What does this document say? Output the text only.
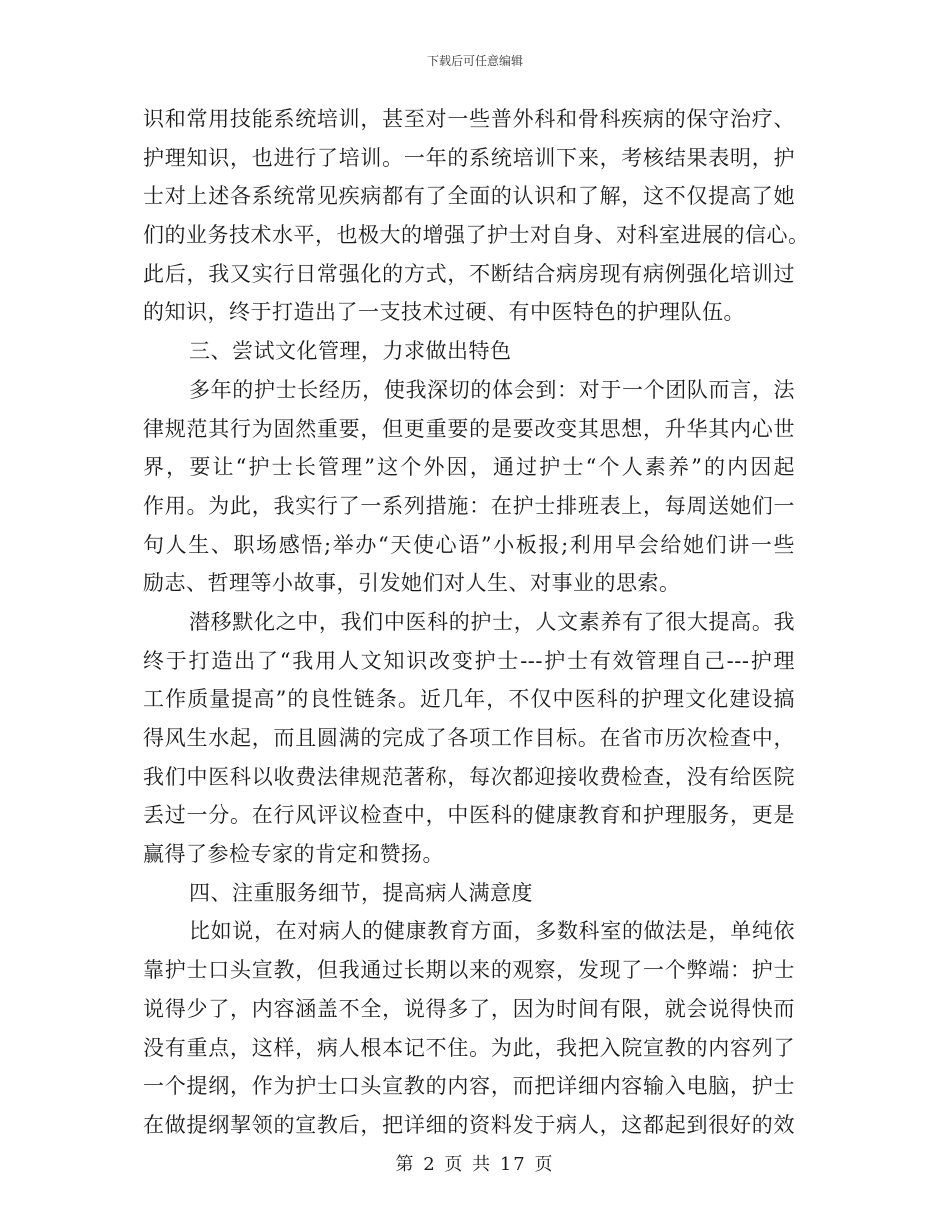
下载后可任意编辑
识和常用技能系统培训，甚至对一些普外科和骨科疾病的保守治疗、
护理知识，也进行了培训。一年的系统培训下来，考核结果表明，护
士对上述各系统常见疾病都有了全面的认识和了解，这不仅提高了她
们的业务技术水平，也极大的增强了护士对自身、对科室进展的信心。
此后，我又实行日常强化的方式，不断结合病房现有病例强化培训过
的知识，终于打造出了一支技术过硬、有中医特色的护理队伍。
三、尝试文化管理，力求做出特色
多年的护士长经历，使我深切的体会到：对于一个团队而言，法
律规范其行为固然重要，但更重要的是要改变其思想，升华其内心世
界，要让“护士长管理”这个外因，通过护士“个人素养”的内因起
作用。为此，我实行了一系列措施：在护士排班表上，每周送她们一
句人生、职场感悟;举办“天使心语”小板报;利用早会给她们讲一些
励志、哲理等小故事，引发她们对人生、对事业的思索。
潜移默化之中，我们中医科的护士，人文素养有了很大提高。我
终于打造出了“我用人文知识改变护士---护士有效管理自己---护理
工作质量提高”的良性链条。近几年，不仅中医科的护理文化建设搞
得风生水起，而且圆满的完成了各项工作目标。在省市历次检查中，
我们中医科以收费法律规范著称，每次都迎接收费检查，没有给医院
丢过一分。在行风评议检查中，中医科的健康教育和护理服务，更是
赢得了参检专家的肯定和赞扬。
四、注重服务细节，提高病人满意度
比如说，在对病人的健康教育方面，多数科室的做法是，单纯依
靠护士口头宣教，但我通过长期以来的观察，发现了一个弊端：护士
说得少了，内容涵盖不全，说得多了，因为时间有限，就会说得快而
没有重点，这样，病人根本记不住。为此，我把入院宣教的内容列了
一个提纲，作为护士口头宣教的内容，而把详细内容输入电脑，护士
在做提纲挈领的宣教后，把详细的资料发于病人，这都起到很好的效
第 2 页 共 17 页
